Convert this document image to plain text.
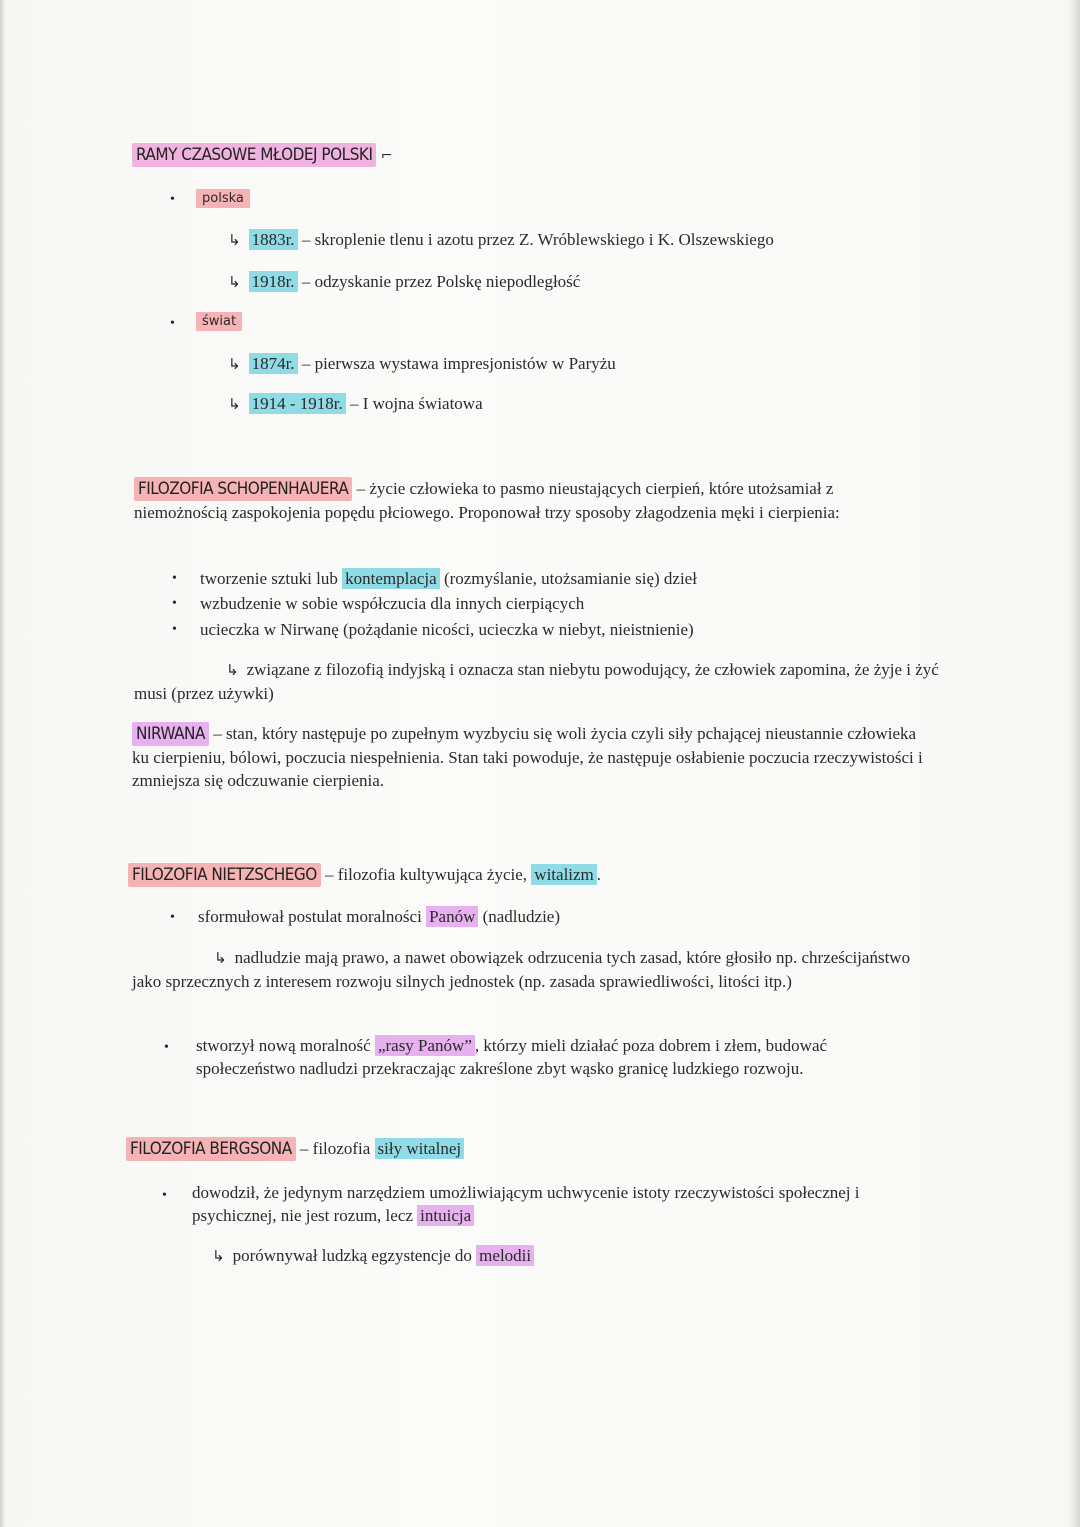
RAMY CZASOWE MŁODEJ POLSKI ⌐
•	polska
↳ 1883r. – skroplenie tlenu i azotu przez Z. Wróblewskiego i K. Olszewskiego
↳ 1918r. – odzyskanie przez Polskę niepodległość
•	świat
↳ 1874r. – pierwsza wystawa impresjonistów w Paryżu
↳ 1914 - 1918r. – I wojna światowa
FILOZOFIA SCHOPENHAUERA – życie człowieka to pasmo nieustających cierpień, które utożsamiał z niemożnością zaspokojenia popędu płciowego. Proponował trzy sposoby złagodzenia męki i cierpienia:
• tworzenie sztuki lub kontemplacja (rozmyślanie, utożsamianie się) dzieł
• wzbudzenie w sobie współczucia dla innych cierpiących
• ucieczka w Nirwanę (pożądanie nicości, ucieczka w niebyt, nieistnienie)
↳ związane z filozofią indyjską i oznacza stan niebytu powodujący, że człowiek zapomina, że żyje i żyć musi (przez używki)
NIRWANA – stan, który następuje po zupełnym wyzbyciu się woli życia czyli siły pchającej nieustannie człowieka ku cierpieniu, bólowi, poczucia niespełnienia. Stan taki powoduje, że następuje osłabienie poczucia rzeczywistości i zmniejsza się odczuwanie cierpienia.
FILOZOFIA NIETZSCHEGO – filozofia kultywująca życie, witalizm .
• sformułował postulat moralności Panów (nadludzie)
↳ nadludzie mają prawo, a nawet obowiązek odrzucenia tych zasad, które głosiło np. chrześcijaństwo jako sprzecznych z interesem rozwoju silnych jednostek (np. zasada sprawiedliwości, litości itp.)
• stworzył nową moralność „rasy Panów” , którzy mieli działać poza dobrem i złem, budować społeczeństwo nadludzi przekraczając zakreślone zbyt wąsko granicę ludzkiego rozwoju.
FILOZOFIA BERGSONA – filozofia siły witalnej
• dowodził, że jedynym narzędziem umożliwiającym uchwycenie istoty rzeczywistości społecznej i psychicznej, nie jest rozum, lecz intuicja
↳ porównywał ludzką egzystencje do melodii
